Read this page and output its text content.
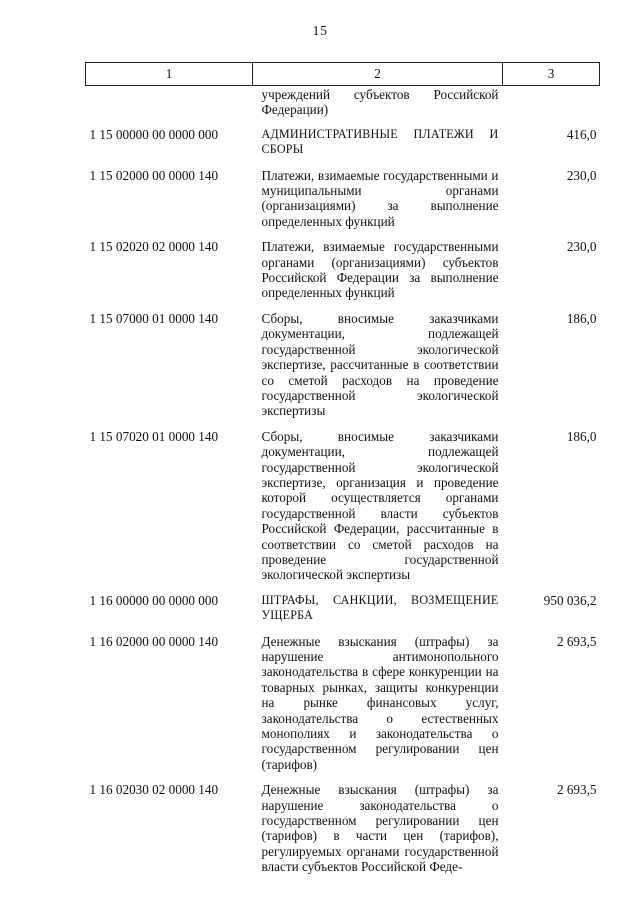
15
1	2	3
	учреждений субъектов Российской Федерации)	
1 15 00000 00 0000 000	АДМИНИСТРАТИВНЫЕ ПЛАТЕЖИ И СБОРЫ	416,0
1 15 02000 00 0000 140	Платежи, взимаемые государственными и муниципальными органами (организациями) за выполнение определенных функций	230,0
1 15 02020 02 0000 140	Платежи, взимаемые государственными органами (организациями) субъектов Российской Федерации за выполнение определенных функций	230,0
1 15 07000 01 0000 140	Сборы, вносимые заказчиками документации, подлежащей государственной экологической экспертизе, рассчитанные в соответствии со сметой расходов на проведение государственной экологической экспертизы	186,0
1 15 07020 01 0000 140	Сборы, вносимые заказчиками документации, подлежащей государственной экологической экспертизе, организация и проведение которой осуществляется органами государственной власти субъектов Российской Федерации, рассчитанные в соответствии со сметой расходов на проведение государственной экологической экспертизы	186,0
1 16 00000 00 0000 000	ШТРАФЫ, САНКЦИИ, ВОЗМЕЩЕНИЕ УЩЕРБА	950 036,2
1 16 02000 00 0000 140	Денежные взыскания (штрафы) за нарушение антимонопольного законодательства в сфере конкуренции на товарных рынках, защиты конкуренции на рынке финансовых услуг, законодательства о естественных монополиях и законодательства о государственном регулировании цен (тарифов)	2 693,5
1 16 02030 02 0000 140	Денежные взыскания (штрафы) за нарушение законодательства о государственном регулировании цен (тарифов) в части цен (тарифов), регулируемых органами государственной власти субъектов Российской Феде-	2 693,5
